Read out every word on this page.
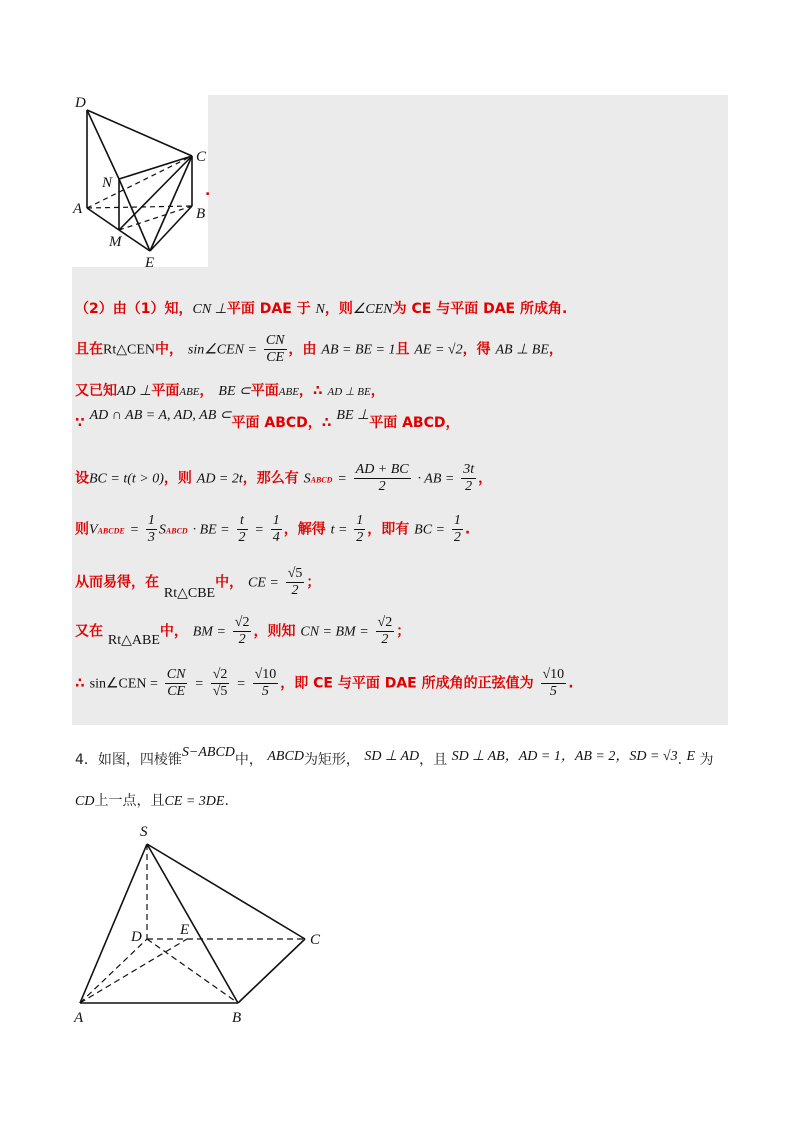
D
C
N
A	B
M
E
.
（2）由（1）知，CN ⊥平面 DAE 于 N，则∠CEN为 CE 与平面 DAE 所成角.
且在Rt△CEN中， sin∠CEN = $\frac{CN}{CE}$ ，由 AB = BE = 1且 AE = √2，得 AB ⊥ BE，
又已知AD ⊥平面ABE， BE ⊂平面ABE，∴ AD ⊥ BE，
∵ AD ∩ AB = A, AD, AB ⊂平面 ABCD，∴ BE ⊥平面 ABCD，
设BC = t(t > 0)，则 AD = 2t，那么有 SABCD = $\frac{AD + BC}{2}$ · AB = $\frac{3t}{2}$ ，
则VABCDE = $\frac{1}{3}$ SABCD · BE = $\frac{t}{2} = \frac{1}{4}$ ，解得 $t = \frac{1}{2}$ ，即有 BC = $\frac{1}{2}$ .
从而易得，在 Rt△CBE中， CE = $\frac{√5}{2}$ ；
又在 Rt△ABE中， BM = $\frac{√2}{2}$ ，则知 CN = BM = $\frac{√2}{2}$ ；
∴ sin∠CEN = $\frac{CN}{CE} = \frac{√2}{√5} = \frac{√10}{5}$ ，即 CE 与平面 DAE 所成角的正弦值为 $\frac{√10}{5}$ .
4．如图，四棱锥S−ABCD中， ABCD为矩形， SD ⊥ AD，且 SD ⊥ AB，AD = 1，AB = 2，SD = √3. E 为
CD上一点，且CE = 3DE.
S
D	E
C
A	B
